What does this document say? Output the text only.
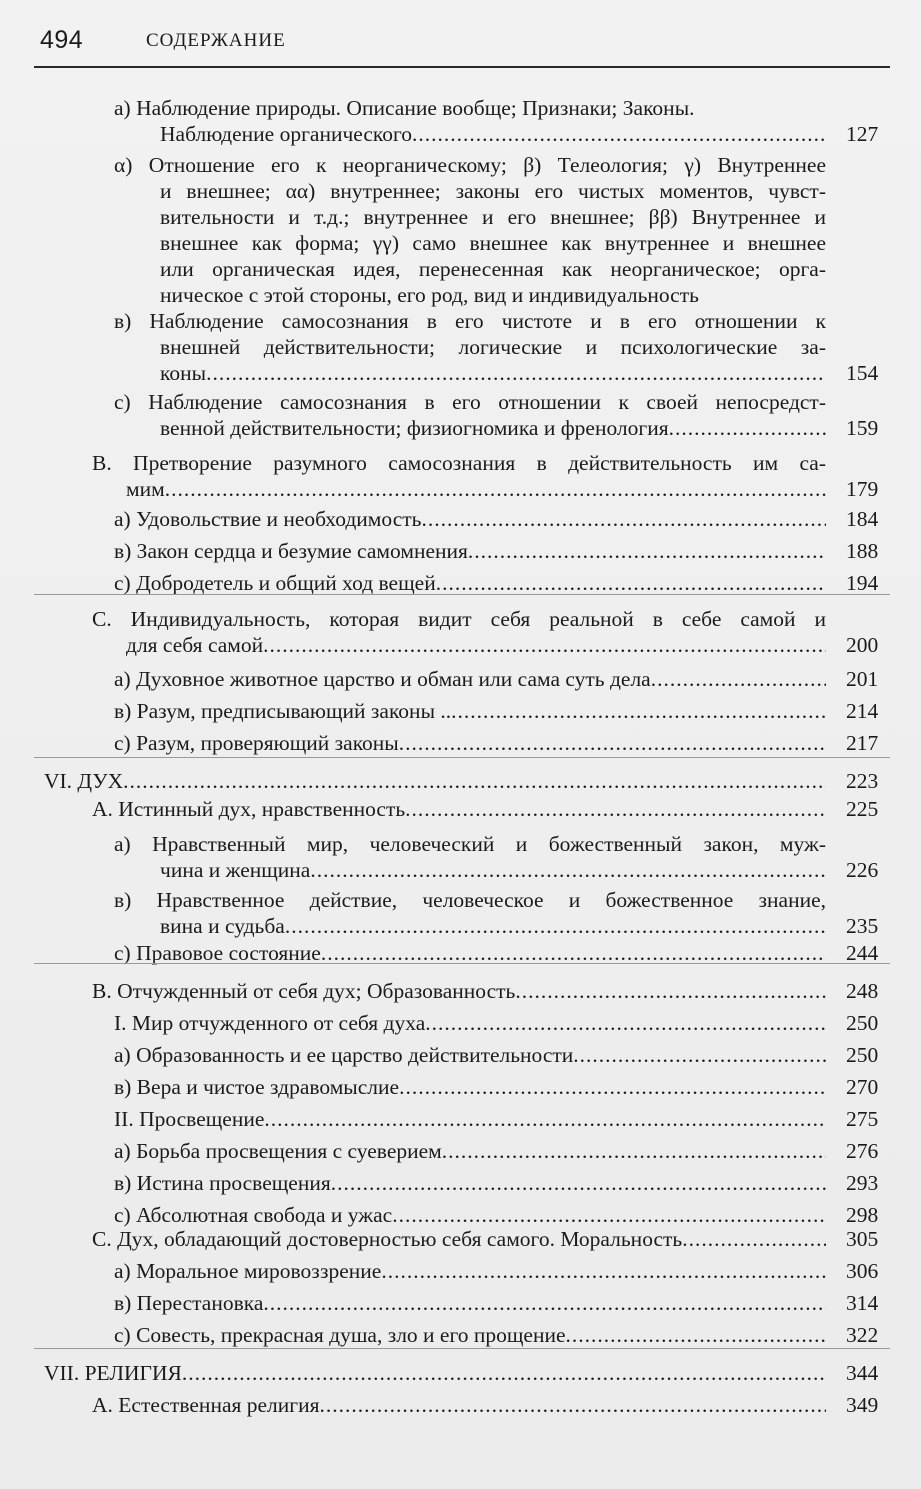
494	СОДЕРЖАНИЕ
а) Наблюдение природы. Описание вообще; Признаки; Законы.
Наблюдение органического .....	127
α) Отношение его к неорганическому; β) Телеология; γ) Внутреннее
и внешнее; αα) внутреннее; законы его чистых моментов, чувст-
вительности и т.д.; внутреннее и его внешнее; ββ) Внутреннее и
внешнее как форма; γγ) само внешнее как внутреннее и внешнее
или органическая идея, перенесенная как неорганическое; орга-
ническое с этой стороны, его род, вид и индивидуальность
в) Наблюдение самосознания в его чистоте и в его отношении к
внешней действительности; логические и психологические за-
коны .....	154
с) Наблюдение самосознания в его отношении к своей непосредст-
венной действительности; физиогномика и френология .....	159
В. Претворение разумного самосознания в действительность им са-
мим .....	179
а) Удовольствие и необходимость .....	184
в) Закон сердца и безумие самомнения .....	188
с) Добродетель и общий ход вещей .....	194
С. Индивидуальность, которая видит себя реальной в себе самой и
для себя самой .....	200
а) Духовное животное царство и обман или сама суть дела .....	201
в) Разум, предписывающий законы .. .....	214
с) Разум, проверяющий законы .....	217
VI. ДУХ .....	223
А. Истинный дух, нравственность .....	225
а) Нравственный мир, человеческий и божественный закон, муж-
чина и женщина .....	226
в) Нравственное действие, человеческое и божественное знание,
вина и судьба .....	235
с) Правовое состояние .....	244
В. Отчужденный от себя дух; Образованность .....	248
I. Мир отчужденного от себя духа .....	250
а) Образованность и ее царство действительности .....	250
в) Вера и чистое здравомыслие .....	270
II. Просвещение .....	275
а) Борьба просвещения с суеверием .....	276
в) Истина просвещения .....	293
с) Абсолютная свобода и ужас .....	298
С. Дух, обладающий достоверностью себя самого. Моральность .....	305
а) Моральное мировоззрение .....	306
в) Перестановка .....	314
с) Совесть, прекрасная душа, зло и его прощение .....	322
VII. РЕЛИГИЯ .....	344
А. Естественная религия .....	349
